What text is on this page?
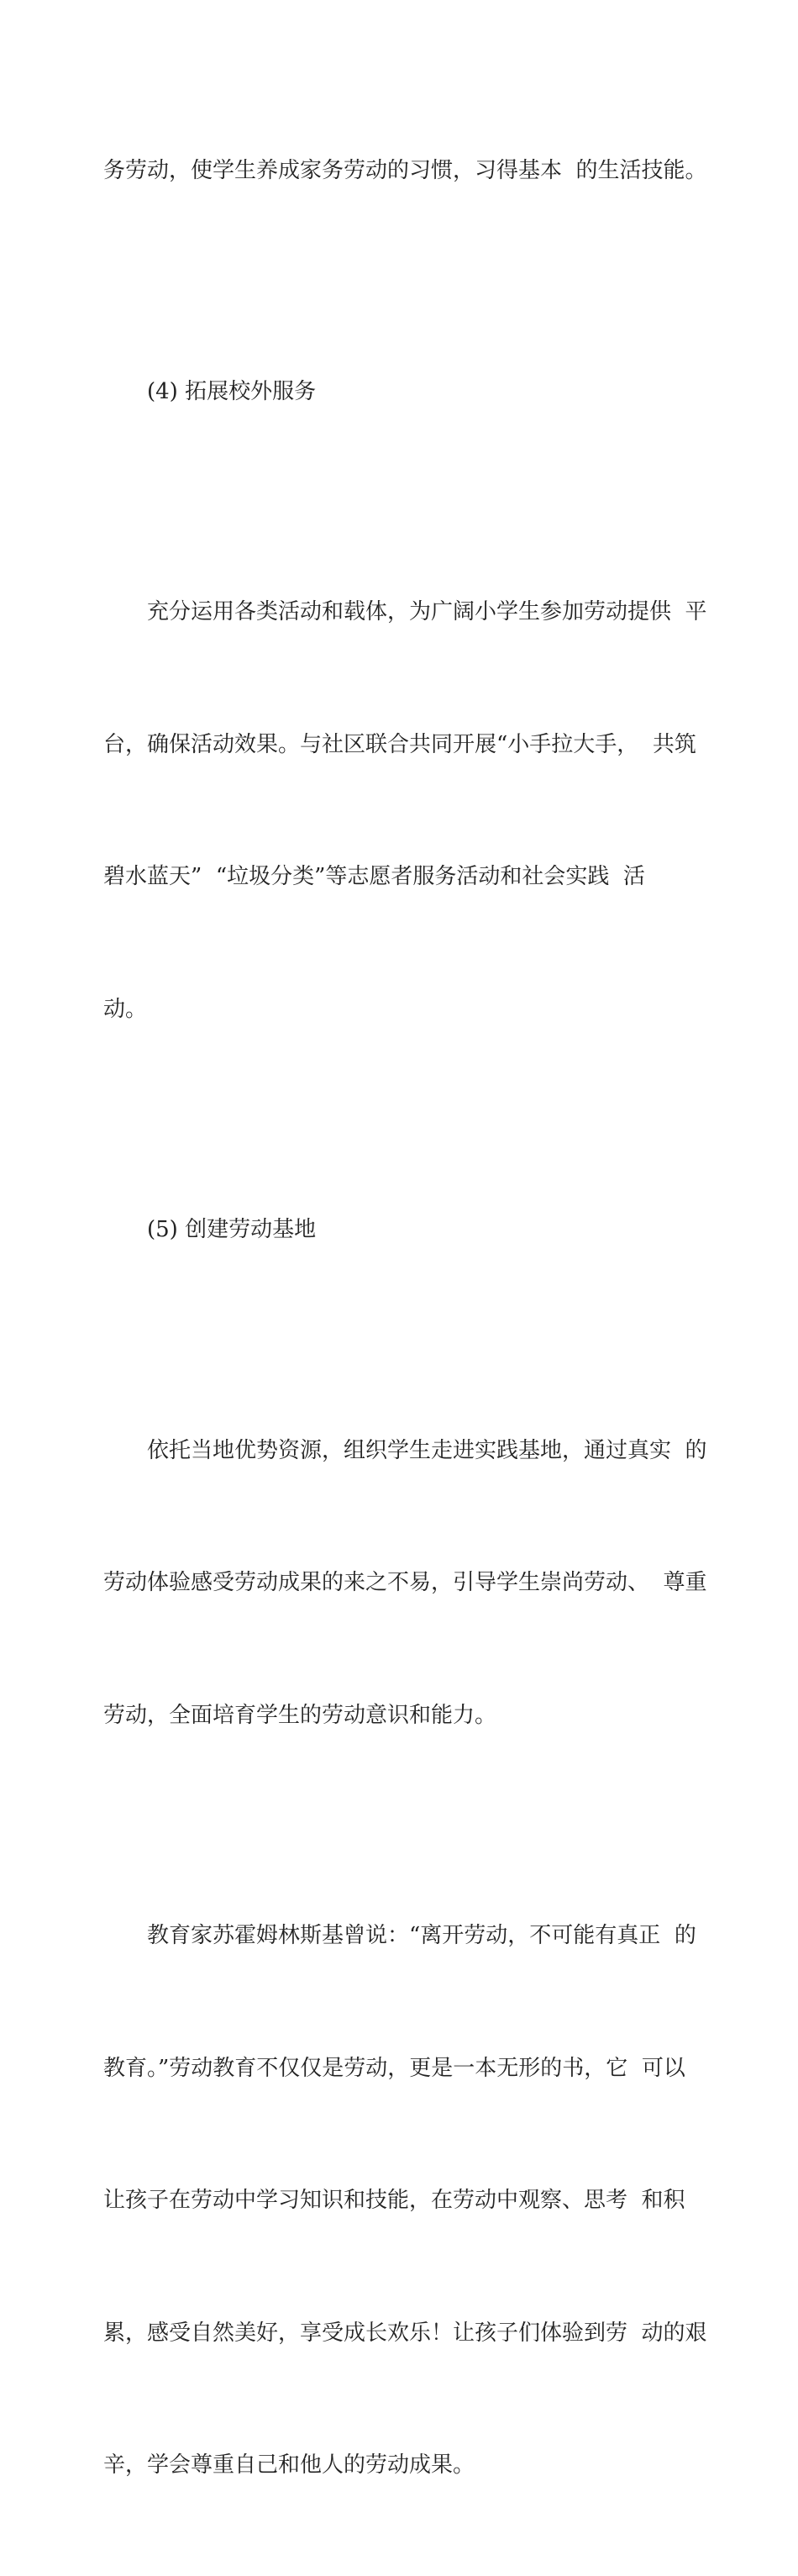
务劳动，使学生养成家务劳动的习惯，习得基本  的生活技能。

(4) 拓展校外服务

充分运用各类活动和载体，为广阔小学生参加劳动提供  平

台，确保活动效果。与社区联合共同开展“小手拉大手，  共筑

碧水蓝天”  “垃圾分类”等志愿者服务活动和社会实践  活

动。

(5) 创建劳动基地

依托当地优势资源，组织学生走进实践基地，通过真实  的

劳动体验感受劳动成果的来之不易，引导学生崇尚劳动、  尊重

劳动，全面培育学生的劳动意识和能力。

教育家苏霍姆林斯基曾说：“离开劳动，不可能有真正  的

教育。”劳动教育不仅仅是劳动，更是一本无形的书，它  可以

让孩子在劳动中学习知识和技能，在劳动中观察、思考  和积

累，感受自然美好，享受成长欢乐！让孩子们体验到劳  动的艰

辛，学会尊重自己和他人的劳动成果。
